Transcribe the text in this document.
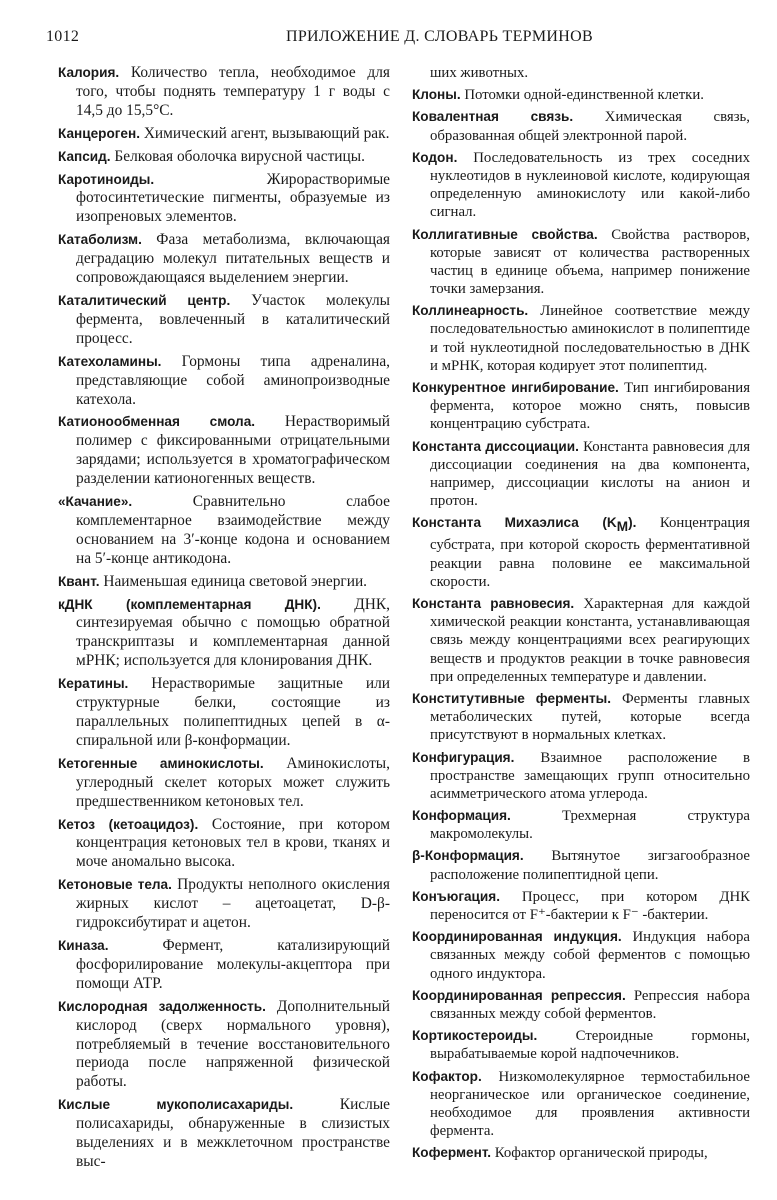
1012	ПРИЛОЖЕНИЕ Д. СЛОВАРЬ ТЕРМИНОВ

Калория. Количество тепла, необходимое для того, чтобы поднять температуру 1 г воды с 14,5 до 15,5°С.

Канцероген. Химический агент, вызывающий рак.

Капсид. Белковая оболочка вирусной частицы.

Каротиноиды. Жирорастворимые фотосинтетические пигменты, образуемые из изопреновых элементов.

Катаболизм. Фаза метаболизма, включающая деградацию молекул питательных веществ и сопровождающаяся выделением энергии.

Каталитический центр. Участок молекулы фермента, вовлеченный в каталитический процесс.

Катехоламины. Гормоны типа адреналина, представляющие собой аминопроизводные катехола.

Катионообменная смола. Нерастворимый полимер с фиксированными отрицательными зарядами; используется в хроматографическом разделении катионогенных веществ.

«Качание». Сравнительно слабое комплементарное взаимодействие между основанием на 3′-конце кодона и основанием на 5′-конце антикодона.

Квант. Наименьшая единица световой энергии.

кДНК (комплементарная ДНК). ДНК, синтезируемая обычно с помощью обратной транскриптазы и комплементарная данной мРНК; используется для клонирования ДНК.

Кератины. Нерастворимые защитные или структурные белки, состоящие из параллельных полипептидных цепей в α-спиральной или β-конформации.

Кетогенные аминокислоты. Аминокислоты, углеродный скелет которых может служить предшественником кетоновых тел.

Кетоз (кетоацидоз). Состояние, при котором концентрация кетоновых тел в крови, тканях и моче аномально высока.

Кетоновые тела. Продукты неполного окисления жирных кислот – ацетоацетат, D-β-гидроксибутират и ацетон.

Киназа. Фермент, катализирующий фосфорилирование молекулы-акцептора при помощи АТР.

Кислородная задолженность. Дополнительный кислород (сверх нормального уровня), потребляемый в течение восстановительного периода после напряженной физической работы.

Кислые мукополисахариды. Кислые полисахариды, обнаруженные в слизистых выделениях и в межклеточном пространстве выс-

ших животных.

Клоны. Потомки одной-единственной клетки.

Ковалентная связь. Химическая связь, образованная общей электронной парой.

Кодон. Последовательность из трех соседних нуклеотидов в нуклеиновой кислоте, кодирующая определенную аминокислоту или какой-либо сигнал.

Коллигативные свойства. Свойства растворов, которые зависят от количества растворенных частиц в единице объема, например понижение точки замерзания.

Коллинеарность. Линейное соответствие между последовательностью аминокислот в полипептиде и той нуклеотидной последовательностью в ДНК и мРНК, которая кодирует этот полипептид.

Конкурентное ингибирование. Тип ингибирования фермента, которое можно снять, повысив концентрацию субстрата.

Константа диссоциации. Константа равновесия для диссоциации соединения на два компонента, например, диссоциации кислоты на анион и протон.

Константа Михаэлиса $(K_M)$. Концентрация субстрата, при которой скорость ферментативной реакции равна половине ее максимальной скорости.

Константа равновесия. Характерная для каждой химической реакции константа, устанавливающая связь между концентрациями всех реагирующих веществ и продуктов реакции в точке равновесия при определенных температуре и давлении.

Конститутивные ферменты. Ферменты главных метаболических путей, которые всегда присутствуют в нормальных клетках.

Конфигурация. Взаимное расположение в пространстве замещающих групп относительно асимметрического атома углерода.

Конформация. Трехмерная структура макромолекулы.

β-Конформация. Вытянутое зигзагообразное расположение полипептидной цепи.

Конъюгация. Процесс, при котором ДНК переносится от F⁺-бактерии к F⁻ -бактерии.

Координированная индукция. Индукция набора связанных между собой ферментов с помощью одного индуктора.

Координированная репрессия. Репрессия набора связанных между собой ферментов.

Кортикостероиды. Стероидные гормоны, вырабатываемые корой надпочечников.

Кофактор. Низкомолекулярное термостабильное неорганическое или органическое соединение, необходимое для проявления активности фермента.

Кофермент. Кофактор органической природы,
